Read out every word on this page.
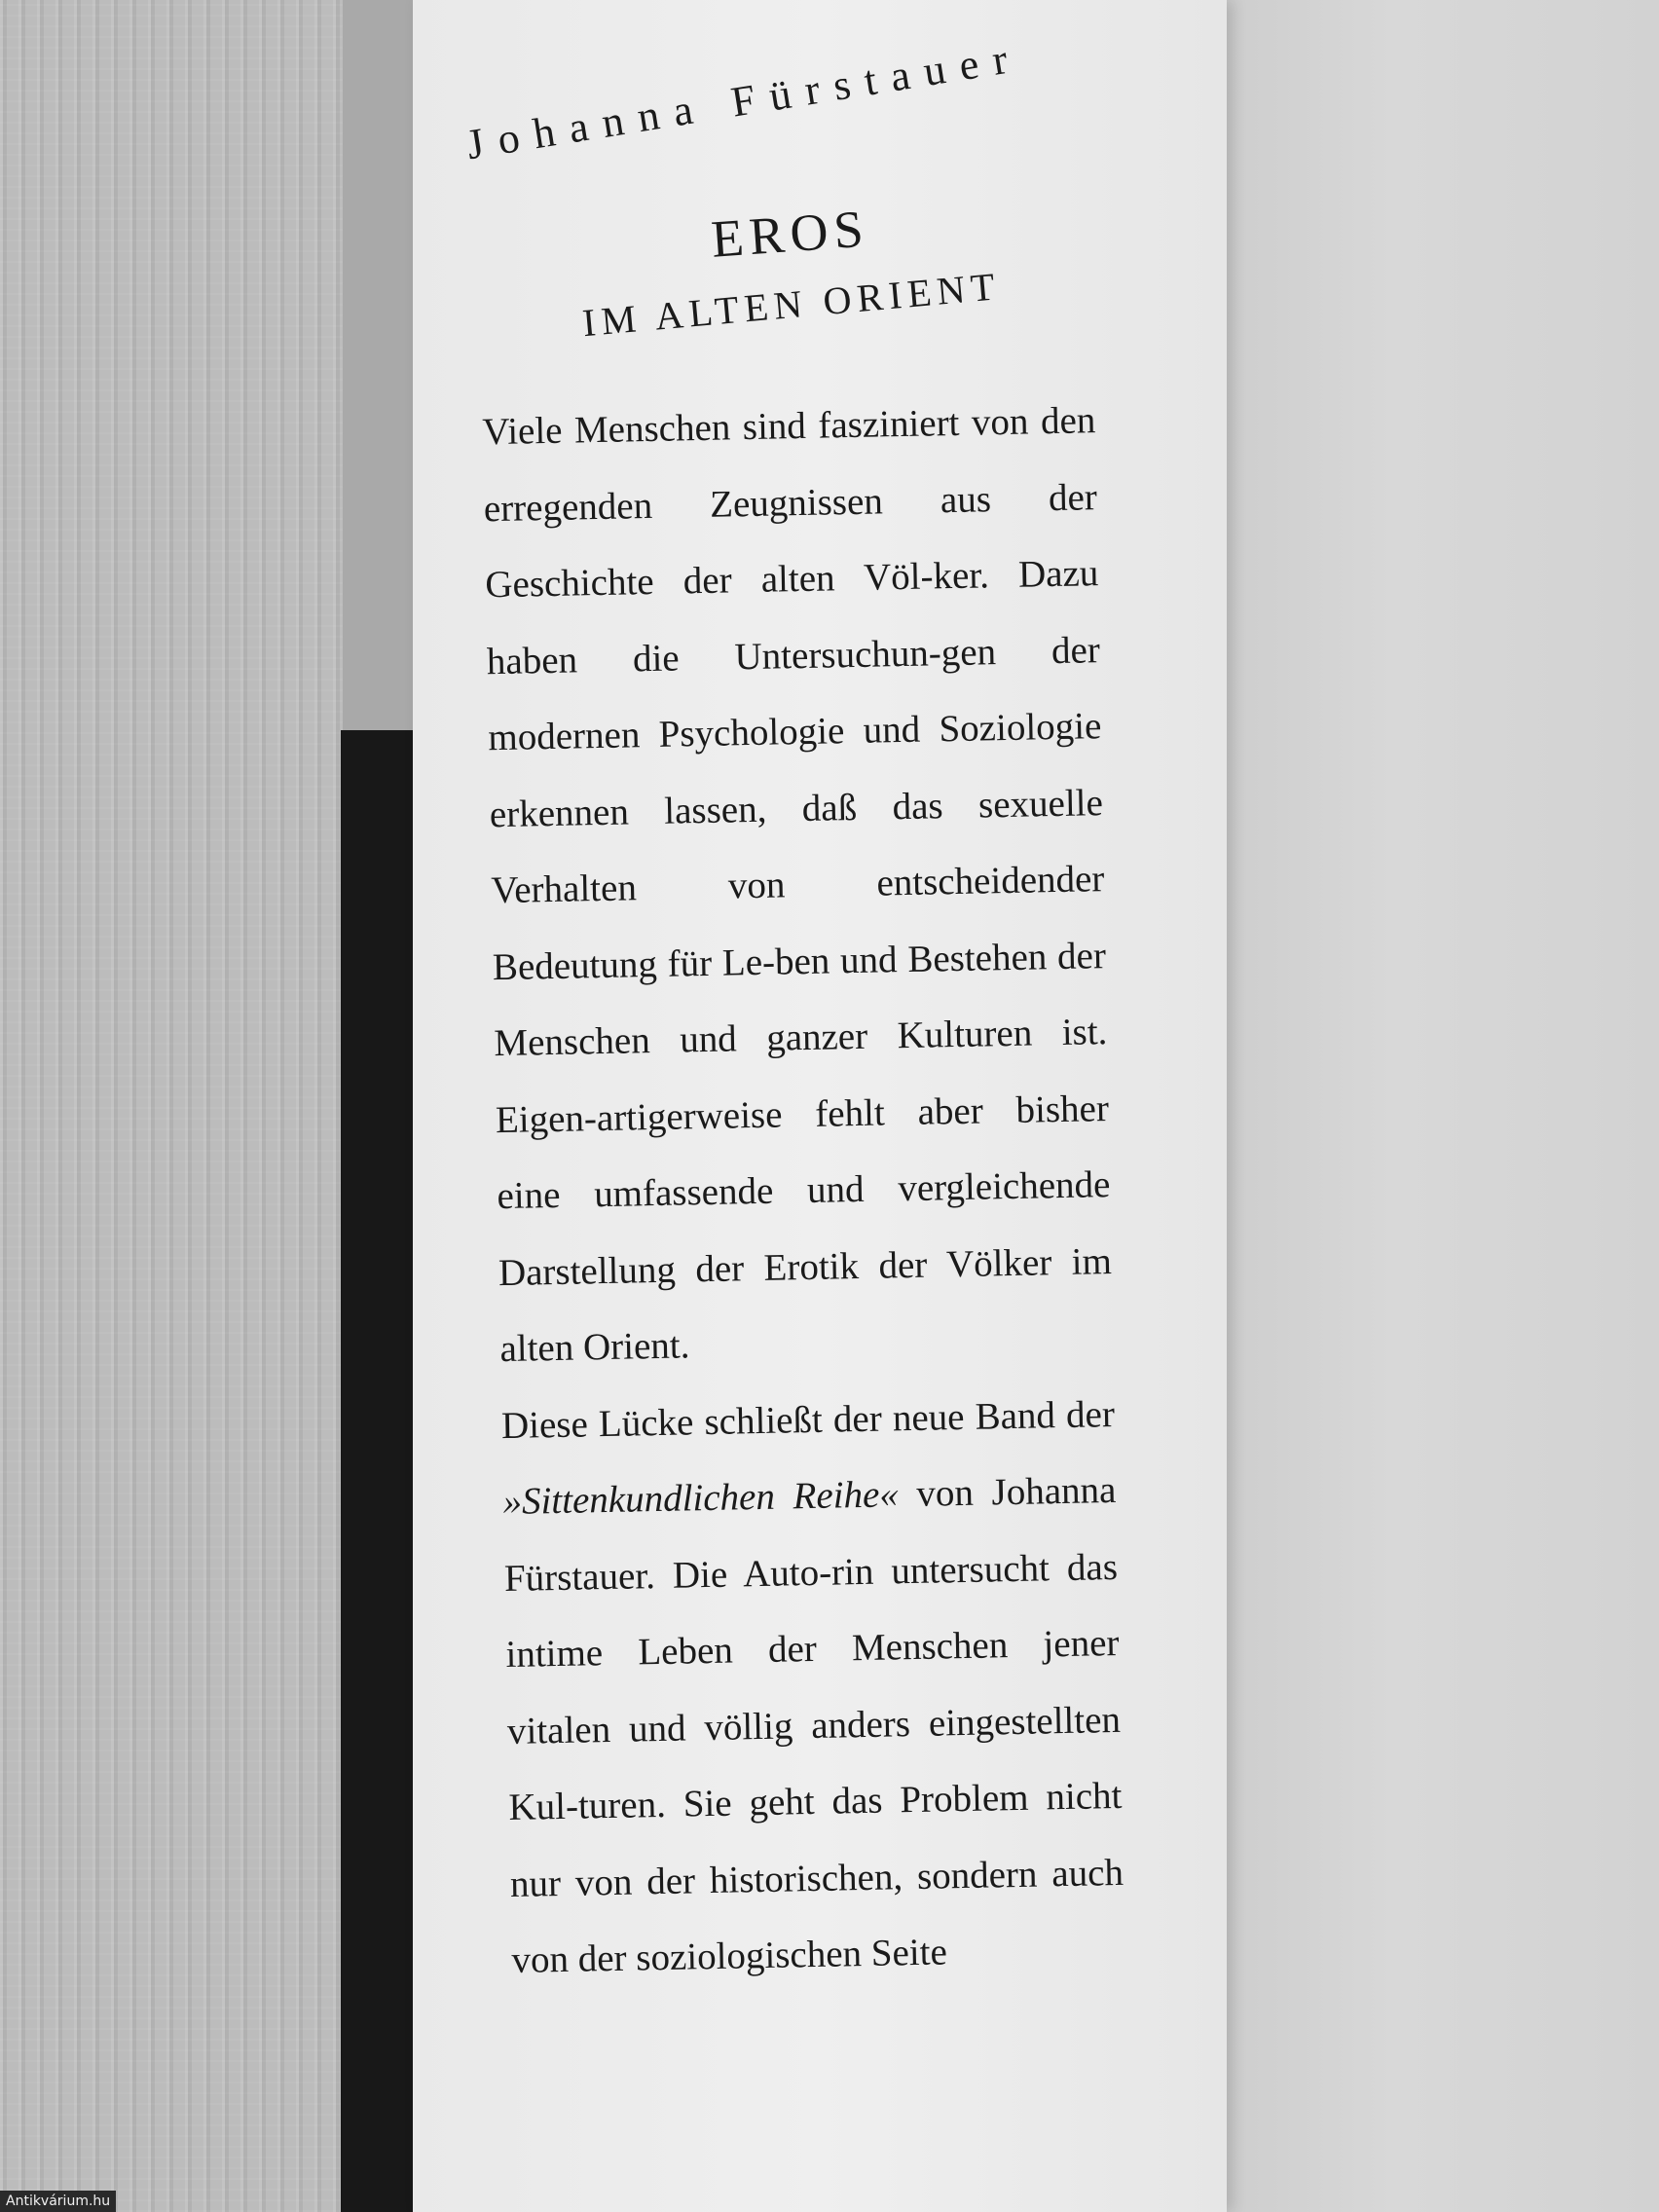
Johanna Fürstauer
EROS
IM ALTEN ORIENT

Viele Menschen sind fasziniert von den erregenden Zeugnissen aus der Geschichte der alten Völ-ker. Dazu haben die Untersuchun-gen der modernen Psychologie und Soziologie erkennen lassen, daß das sexuelle Verhalten von entscheidender Bedeutung für Le-ben und Bestehen der Menschen und ganzer Kulturen ist. Eigen-artigerweise fehlt aber bisher eine umfassende und vergleichende Darstellung der Erotik der Völker im alten Orient.

Diese Lücke schließt der neue Band der »Sittenkundlichen Reihe« von Johanna Fürstauer. Die Auto-rin untersucht das intime Leben der Menschen jener vitalen und völlig anders eingestellten Kul-turen. Sie geht das Problem nicht nur von der historischen, sondern auch von der soziologischen Seite

Antikvárium.hu
